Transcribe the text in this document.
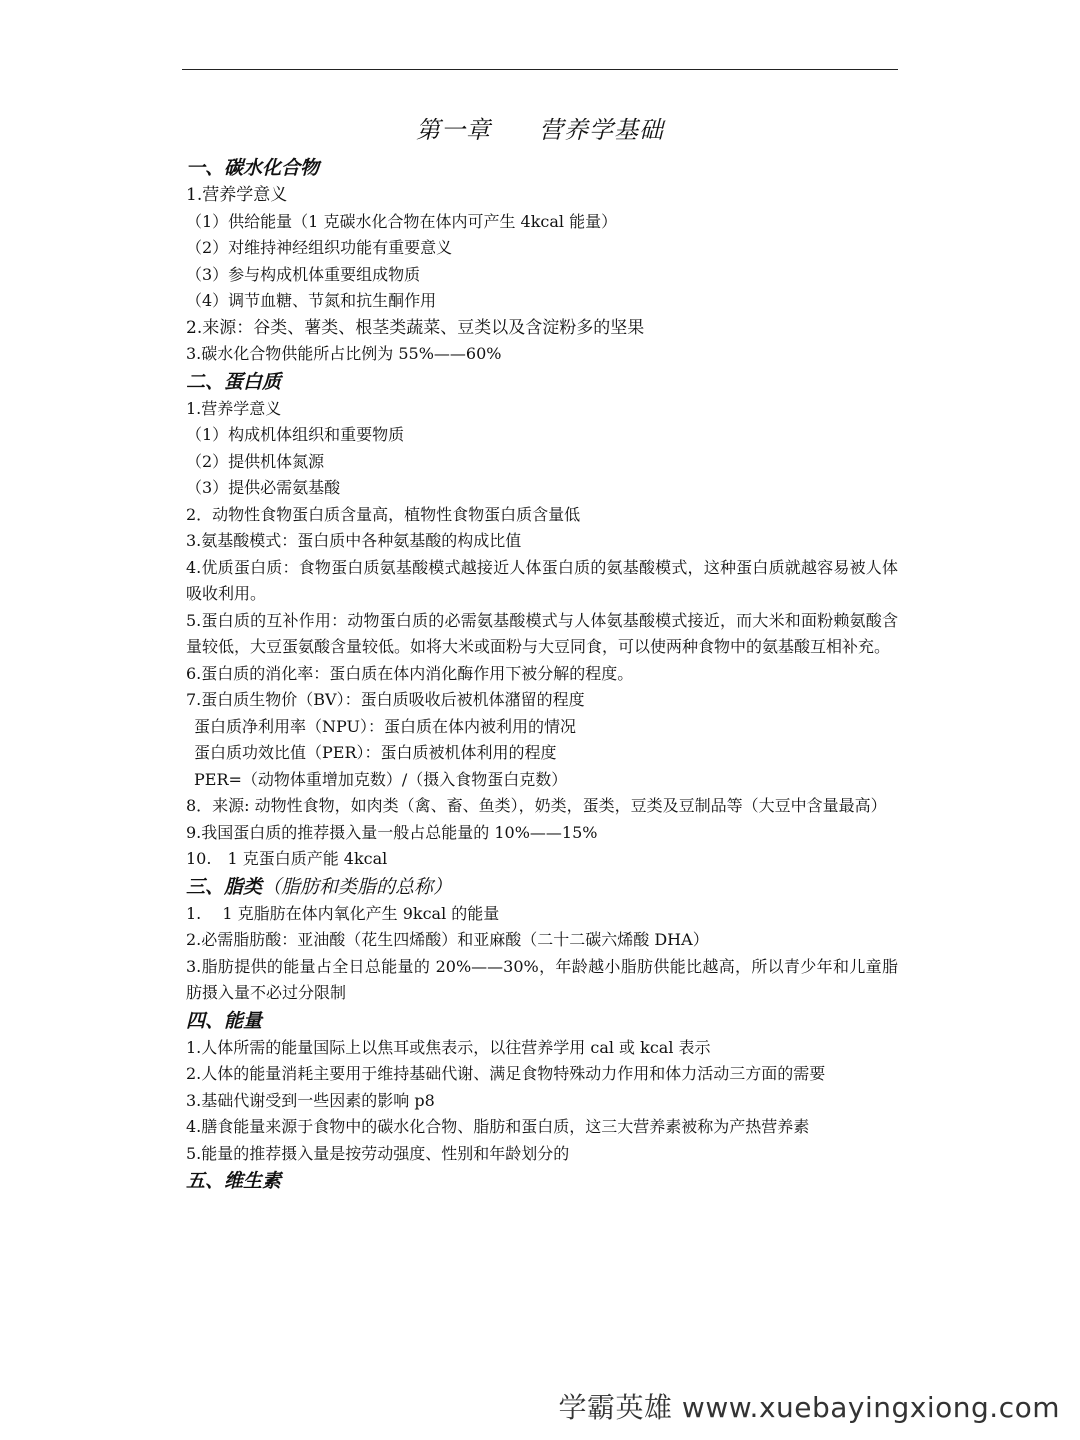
第一章 营养学基础
一、碳水化合物
1.营养学意义
（1）供给能量（1 克碳水化合物在体内可产生 4kcal 能量）
（2）对维持神经组织功能有重要意义
（3）参与构成机体重要组成物质
（4）调节血糖、节氮和抗生酮作用
2.来源：谷类、薯类、根茎类蔬菜、豆类以及含淀粉多的坚果
3.碳水化合物供能所占比例为 55%——60%
二、蛋白质
1.营养学意义
（1）构成机体组织和重要物质
（2）提供机体氮源
（3）提供必需氨基酸
2．动物性食物蛋白质含量高，植物性食物蛋白质含量低
3.氨基酸模式：蛋白质中各种氨基酸的构成比值
4.优质蛋白质：食物蛋白质氨基酸模式越接近人体蛋白质的氨基酸模式，这种蛋白质就越容易被人体吸收利用。
5.蛋白质的互补作用：动物蛋白质的必需氨基酸模式与人体氨基酸模式接近，而大米和面粉赖氨酸含量较低，大豆蛋氨酸含量较低。如将大米或面粉与大豆同食，可以使两种食物中的氨基酸互相补充。
6.蛋白质的消化率：蛋白质在体内消化酶作用下被分解的程度。
7.蛋白质生物价（BV）：蛋白质吸收后被机体潴留的程度
蛋白质净利用率（NPU）：蛋白质在体内被利用的情况
蛋白质功效比值（PER）：蛋白质被机体利用的程度
PER=（动物体重增加克数）/（摄入食物蛋白克数）
8．来源: 动物性食物，如肉类（禽、畜、鱼类），奶类，蛋类，豆类及豆制品等（大豆中含量最高）
9.我国蛋白质的推荐摄入量一般占总能量的 10%——15%
10.　1 克蛋白质产能 4kcal
三、脂类（脂肪和类脂的总称）
1.　 1 克脂肪在体内氧化产生 9kcal 的能量
2.必需脂肪酸：亚油酸（花生四烯酸）和亚麻酸（二十二碳六烯酸 DHA）
3.脂肪提供的能量占全日总能量的 20%——30%，年龄越小脂肪供能比越高，所以青少年和儿童脂肪摄入量不必过分限制
四、能量
1.人体所需的能量国际上以焦耳或焦表示，以往营养学用 cal 或 kcal 表示
2.人体的能量消耗主要用于维持基础代谢、满足食物特殊动力作用和体力活动三方面的需要
3.基础代谢受到一些因素的影响 p8
4.膳食能量来源于食物中的碳水化合物、脂肪和蛋白质，这三大营养素被称为产热营养素
5.能量的推荐摄入量是按劳动强度、性别和年龄划分的
五、维生素
学霸英雄 www.xuebayingxiong.com
